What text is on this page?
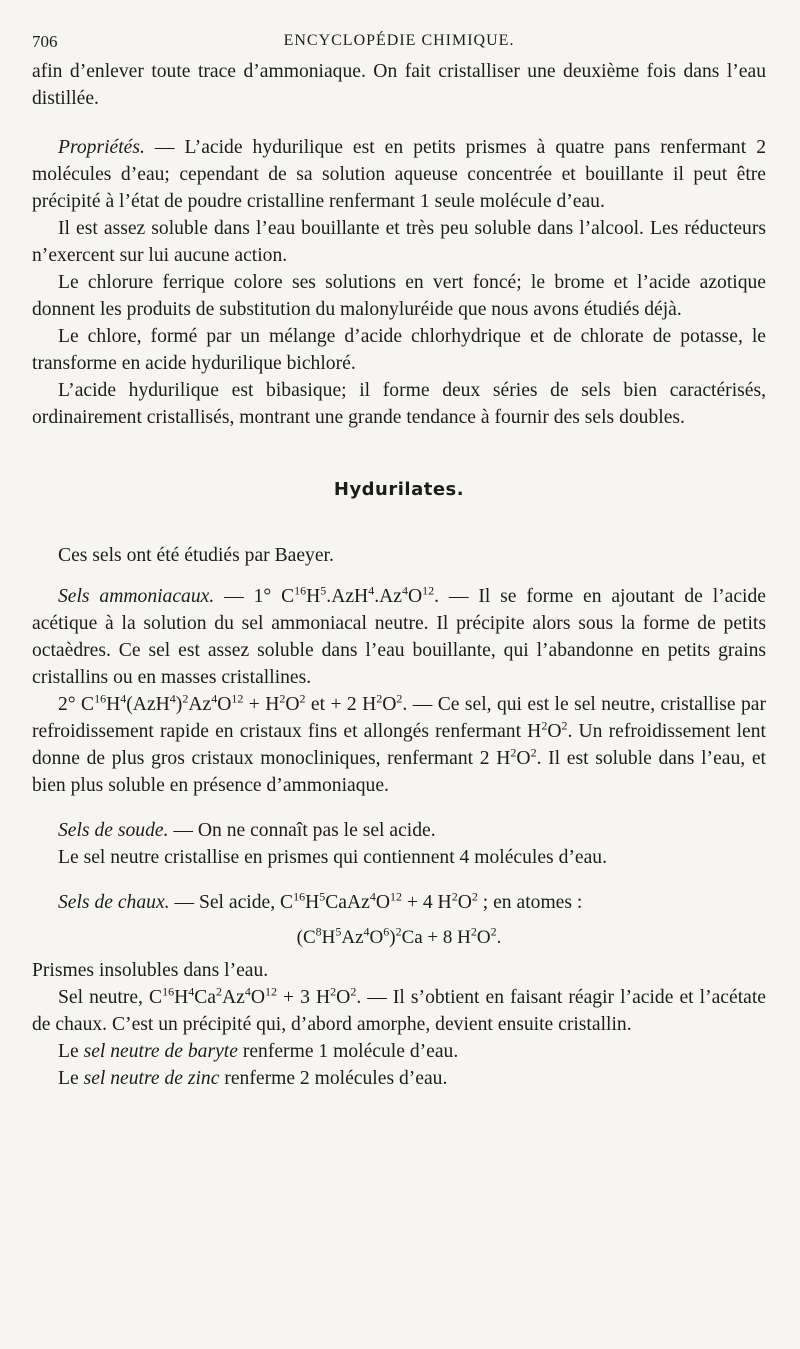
706	ENCYCLOPÉDIE CHIMIQUE.

afin d’enlever toute trace d’ammoniaque. On fait cristalliser une deuxième fois dans l’eau distillée.

Propriétés. — L’acide hydurilique est en petits prismes à quatre pans renfermant 2 molécules d’eau; cependant de sa solution aqueuse concentrée et bouillante il peut être précipité à l’état de poudre cristalline renfermant 1 seule molécule d’eau.

Il est assez soluble dans l’eau bouillante et très peu soluble dans l’alcool. Les réducteurs n’exercent sur lui aucune action.

Le chlorure ferrique colore ses solutions en vert foncé; le brome et l’acide azotique donnent les produits de substitution du malonyluréide que nous avons étudiés déjà.

Le chlore, formé par un mélange d’acide chlorhydrique et de chlorate de potasse, le transforme en acide hydurilique bichloré.

L’acide hydurilique est bibasique; il forme deux séries de sels bien caractérisés, ordinairement cristallisés, montrant une grande tendance à fournir des sels doubles.

Hydurilates.

Ces sels ont été étudiés par Baeyer.

Sels ammoniacaux. — 1° $C^{16}H^5.AzH^4.Az^4O^{12}$. — Il se forme en ajoutant de l’acide acétique à la solution du sel ammoniacal neutre. Il précipite alors sous la forme de petits octaèdres. Ce sel est assez soluble dans l’eau bouillante, qui l’abandonne en petits grains cristallins ou en masses cristallines.

2° $C^{16}H^4(AzH^4)^2Az^4O^{12} + H^2O^2$ et + 2 $H^2O^2$. — Ce sel, qui est le sel neutre, cristallise par refroidissement rapide en cristaux fins et allongés renfermant $H^2O^2$. Un refroidissement lent donne de plus gros cristaux monocliniques, renfermant 2 $H^2O^2$. Il est soluble dans l’eau, et bien plus soluble en présence d’ammoniaque.

Sels de soude. — On ne connaît pas le sel acide.

Le sel neutre cristallise en prismes qui contiennent 4 molécules d’eau.

Sels de chaux. — Sel acide, $C^{16}H^5CaAz^4O^{12} + 4$ $H^2O^2$ ; en atomes :

$(C^8H^5Az^4O^6)^2Ca + 8$ $H^2O^2$.

Prismes insolubles dans l’eau.

Sel neutre, $C^{16}H^4Ca^2Az^4O^{12} + 3$ $H^2O^2$. — Il s’obtient en faisant réagir l’acide et l’acétate de chaux. C’est un précipité qui, d’abord amorphe, devient ensuite cristallin.

Le sel neutre de baryte renferme 1 molécule d’eau.

Le sel neutre de zinc renferme 2 molécules d’eau.
